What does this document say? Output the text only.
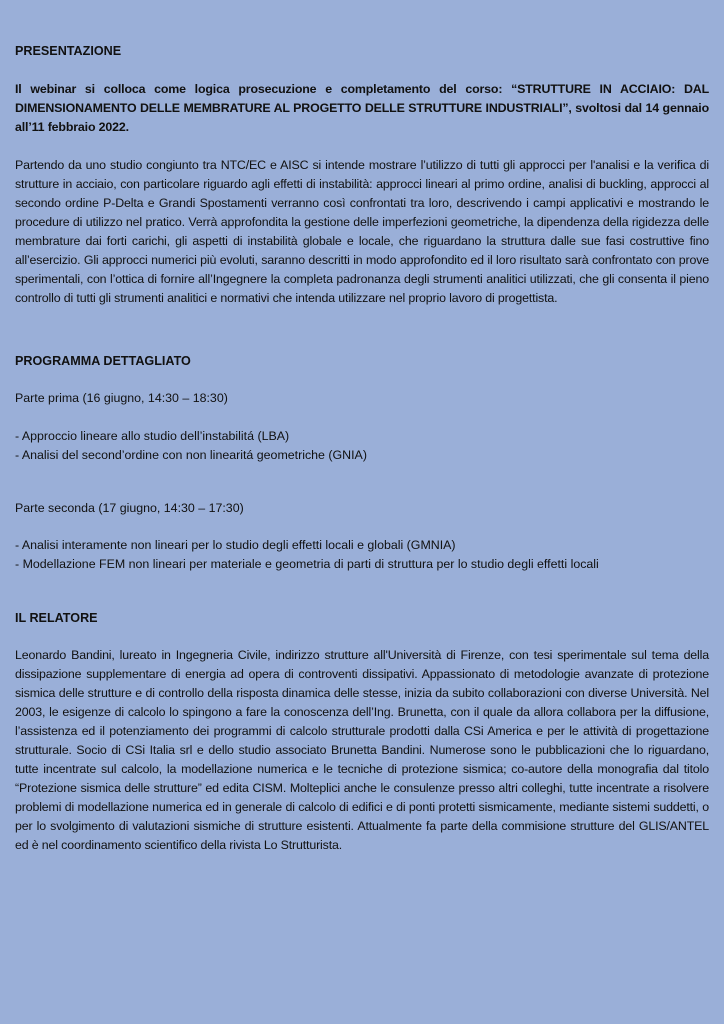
PRESENTAZIONE

Il webinar si colloca come logica prosecuzione e completamento del corso: “STRUTTURE IN ACCIAIO: DAL DIMENSIONAMENTO DELLE MEMBRATURE AL PROGETTO DELLE STRUTTURE INDUSTRIALI”, svoltosi dal 14 gennaio all’11 febbraio 2022.

Partendo da uno studio congiunto tra NTC/EC e AISC si intende mostrare l’utilizzo di tutti gli approcci per l'analisi e la verifica di strutture in acciaio, con particolare riguardo agli effetti di instabilità: approcci lineari al primo ordine, analisi di buckling, approcci al secondo ordine P-Delta e Grandi Spostamenti verranno così confrontati tra loro, descrivendo i campi applicativi e mostrando le procedure di utilizzo nel pratico. Verrà approfondita la gestione delle imperfezioni geometriche, la dipendenza della rigidezza delle membrature dai forti carichi, gli aspetti di instabilità globale e locale, che riguardano la struttura dalle sue fasi costruttive fino all’esercizio. Gli approcci numerici più evoluti, saranno descritti in modo approfondito ed il loro risultato sarà confrontato con prove sperimentali, con l’ottica di fornire all’Ingegnere la completa padronanza degli strumenti analitici utilizzati, che gli consenta il pieno controllo di tutti gli strumenti analitici e normativi che intenda utilizzare nel proprio lavoro di progettista.

PROGRAMMA DETTAGLIATO

Parte prima (16 giugno, 14:30 – 18:30)

- Approccio lineare allo studio dell’instabilitá (LBA)
- Analisi del second’ordine con non linearitá geometriche (GNIA)

Parte seconda (17 giugno, 14:30 – 17:30)

- Analisi interamente non lineari per lo studio degli effetti locali e globali (GMNIA)
- Modellazione FEM non lineari per materiale e geometria di parti di struttura per lo studio degli effetti locali
IL RELATORE

Leonardo Bandini, lureato in Ingegneria Civile, indirizzo strutture all'Università di Firenze, con tesi sperimentale sul tema della dissipazione supplementare di energia ad opera di controventi dissipativi. Appassionato di metodologie avanzate di protezione sismica delle strutture e di controllo della risposta dinamica delle stesse, inizia da subito collaborazioni con diverse Università. Nel 2003, le esigenze di calcolo lo spingono a fare la conoscenza dell’Ing. Brunetta, con il quale da allora collabora per la diffusione, l’assistenza ed il potenziamento dei programmi di calcolo strutturale prodotti dalla CSi America e per le attività di progettazione strutturale. Socio di CSi Italia srl e dello studio associato Brunetta Bandini. Numerose sono le pubblicazioni che lo riguardano, tutte incentrate sul calcolo, la modellazione numerica e le tecniche di protezione sismica; co-autore della monografia dal titolo “Protezione sismica delle strutture” ed edita CISM. Molteplici anche le consulenze presso altri colleghi, tutte incentrate a risolvere problemi di modellazione numerica ed in generale di calcolo di edifici e di ponti protetti sismicamente, mediante sistemi suddetti, o per lo svolgimento di valutazioni sismiche di strutture esistenti. Attualmente fa parte della commisione strutture del GLIS/ANTEL ed è nel coordinamento scientifico della rivista Lo Strutturista.
